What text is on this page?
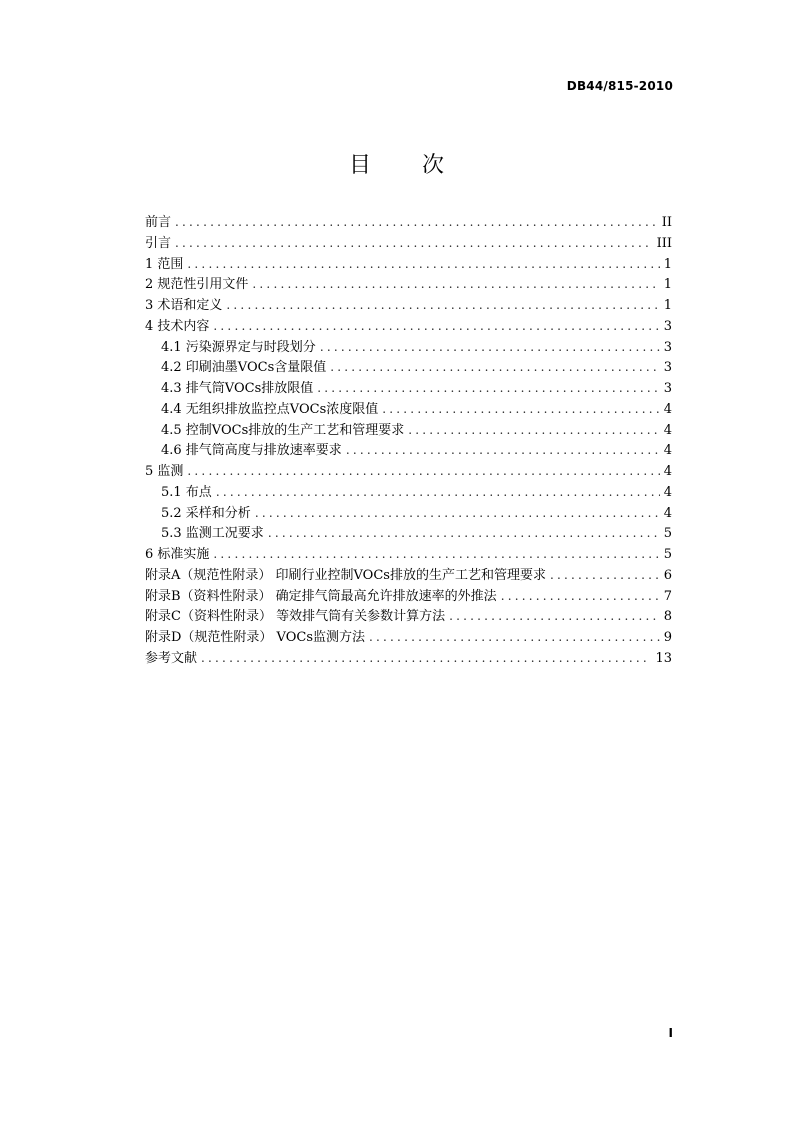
DB44/815-2010
目 次
前言 .....	II
引言 .....	III
1 范围 .....	1
2 规范性引用文件 .....	1
3 术语和定义 .....	1
4 技术内容 .....	3
4.1 污染源界定与时段划分 .....	3
4.2 印刷油墨VOCs含量限值 .....	3
4.3 排气筒VOCs排放限值 .....	3
4.4 无组织排放监控点VOCs浓度限值 .....	4
4.5 控制VOCs排放的生产工艺和管理要求 .....	4
4.6 排气筒高度与排放速率要求 .....	4
5 监测 .....	4
5.1 布点 .....	4
5.2 采样和分析 .....	4
5.3 监测工况要求 .....	5
6 标准实施 .....	5
附录A（规范性附录） 印刷行业控制VOCs排放的生产工艺和管理要求 .....	6
附录B（资料性附录） 确定排气筒最高允许排放速率的外推法 .....	7
附录C（资料性附录） 等效排气筒有关参数计算方法 .....	8
附录D（规范性附录） VOCs监测方法 .....	9
参考文献 .....	13
I
